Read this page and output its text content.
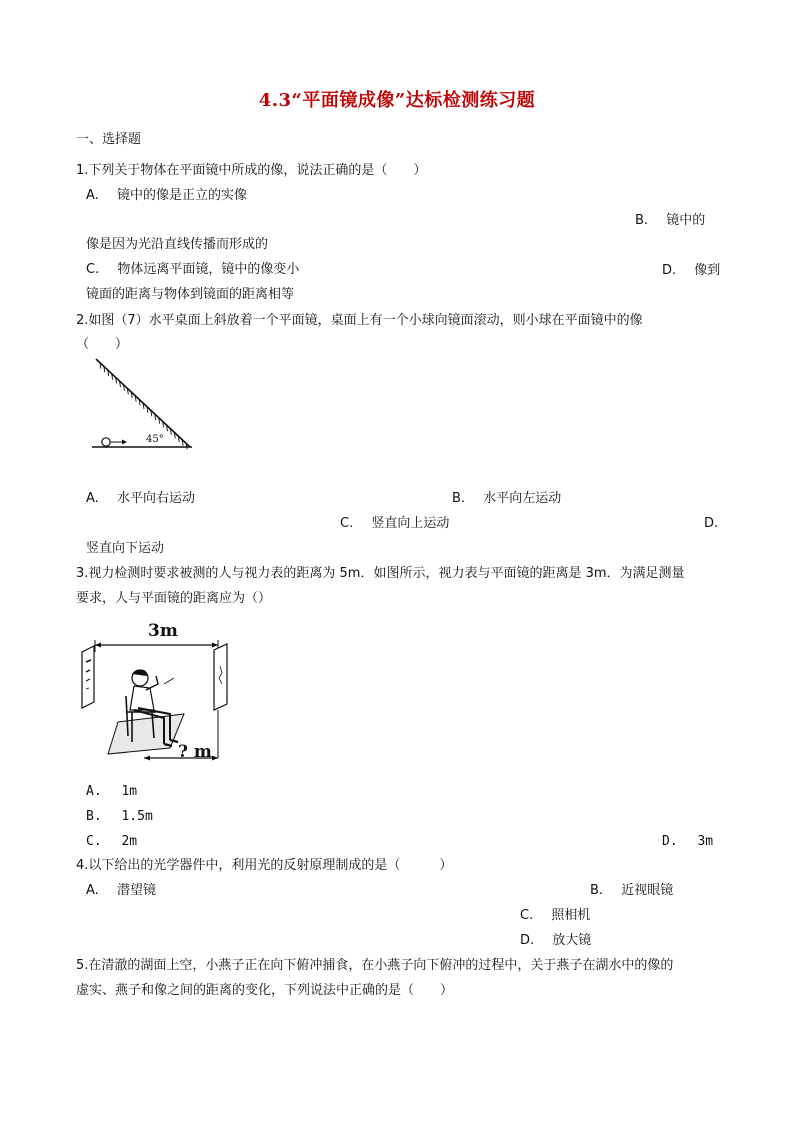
4.3“平面镜成像”达标检测练习题
一、选择题
1.下列关于物体在平面镜中所成的像，说法正确的是（　　）
A. 镜中的像是正立的实像
B. 镜中的
像是因为光沿直线传播而形成的
C. 物体远离平面镜，镜中的像变小	D. 像到
镜面的距离与物体到镜面的距离相等
2.如图（7）水平桌面上斜放着一个平面镜，桌面上有一个小球向镜面滚动，则小球在平面镜中的像
（　　）
45°
A. 水平向右运动	B. 水平向左运动
C. 竖直向上运动	D.
竖直向下运动
3.视力检测时要求被测的人与视力表的距离为 5m．如图所示，视力表与平面镜的距离是 3m．为满足测量
要求，人与平面镜的距离应为（）
3m
? m
A. 1m
B. 1.5m
C. 2m	D. 3m
4.以下给出的光学器件中，利用光的反射原理制成的是（　　　）
A. 潜望镜	B. 近视眼镜
C. 照相机
D. 放大镜
5.在清澈的湖面上空，小燕子正在向下俯冲捕食，在小燕子向下俯冲的过程中，关于燕子在湖水中的像的
虚实、燕子和像之间的距离的变化，下列说法中正确的是（　　）
